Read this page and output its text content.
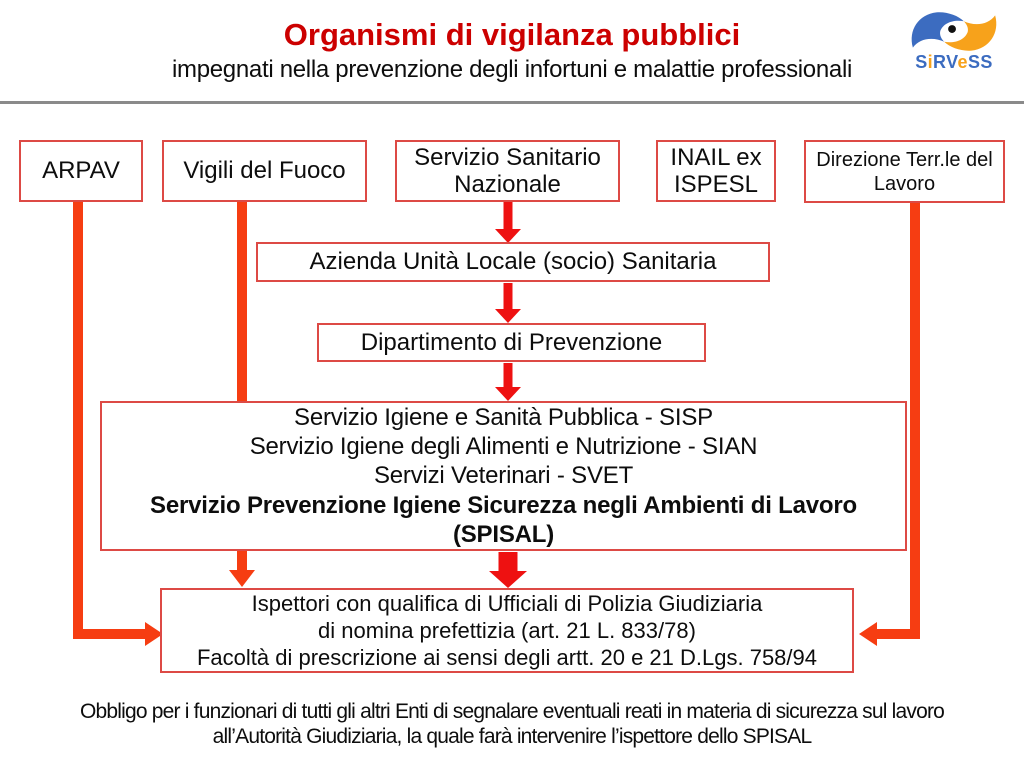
Organismi di vigilanza pubblici
impegnati nella prevenzione degli infortuni e malattie professionali	SiRVeSS
ARPAV	Vigili del Fuoco	Servizio Sanitario Nazionale
INAIL ex ISPESL
Direzione Terr.le del Lavoro
Azienda Unità Locale (socio) Sanitaria
Dipartimento di Prevenzione
Servizio Igiene e Sanità Pubblica - SISP
Servizio Igiene degli Alimenti e Nutrizione - SIAN
Servizi Veterinari - SVET
Servizio Prevenzione Igiene Sicurezza negli Ambienti di Lavoro
(SPISAL)
Ispettori con qualifica di Ufficiali di Polizia Giudiziaria
di nomina prefettizia (art. 21 L. 833/78)
Facoltà di prescrizione ai sensi degli artt. 20 e 21 D.Lgs. 758/94
Obbligo per i funzionari di tutti gli altri Enti di segnalare eventuali reati in materia di sicurezza sul lavoro
all’Autorità Giudiziaria, la quale farà intervenire l’ispettore dello SPISAL
